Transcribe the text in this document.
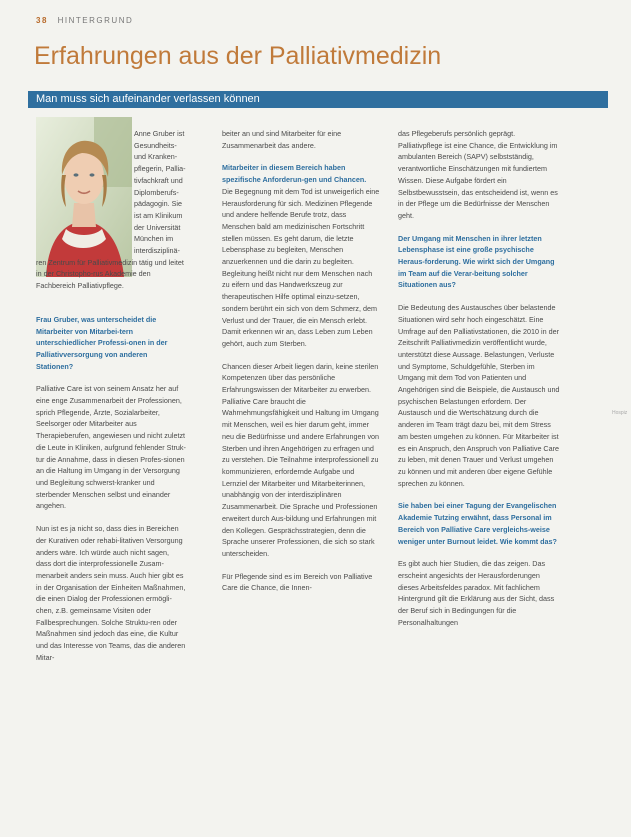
38 HINTERGRUND
Erfahrungen aus der Palliativmedizin
Man muss sich aufeinander verlassen können
Anne Gruber ist
Gesundheits-
und Kranken-
pflegerin, Pallia-
tivfachkraft und
Diplomberufs-
pädagogin. Sie
ist am Klinikum
der Universität
München im
interdisziplinä-

ren Zentrum für Palliativmedizin tätig und leitet in der Christopho-rus Akademie den Fachbereich Palliativpflege.

Frau Gruber, was unterscheidet die Mitarbeiter von Mitarbei-tern unterschiedlicher Professi-onen in der Palliativversorgung von anderen Stationen?

Palliative Care ist von seinem Ansatz her auf eine enge Zusammenarbeit der Professionen, sprich Pflegende, Ärzte, Sozialarbeiter, Seelsorger oder Mitarbeiter aus Therapieberufen, angewiesen und nicht zuletzt die Leute in Kliniken, aufgrund fehlender Struk-tur die Annahme, dass in diesen Profes-sionen an die Haltung im Umgang in der Versorgung und Begleitung schwerst-kranker und sterbender Menschen selbst und einander angehen.

Nun ist es ja nicht so, dass dies in Bereichen der Kurativen oder rehabi-litativen Versorgung anders wäre. Ich würde auch nicht sagen, dass dort die interprofessionelle Zusam-menarbeit anders sein muss. Auch hier gibt es in der Organisation der Einheiten Maßnahmen, die einen Dialog der Professionen ermögli-chen, z.B. gemeinsame Visiten oder Fallbesprechungen. Solche Struktu-ren oder Maßnahmen sind jedoch das eine, die Kultur und das Interesse von Teams, das die anderen Mitar-

beiter an und sind Mitarbeiter für eine Zusammenarbeit das andere.

Mitarbeiter in diesem Bereich haben spezifische Anforderun-gen und Chancen.

Die Begegnung mit dem Tod ist unweigerlich eine Herausforderung für sich. Medizinen Pflegende und andere helfende Berufe trotz, dass Menschen bald am medizinischen Fortschritt stellen müssen. Es geht darum, die letzte Lebensphase zu begleiten, Menschen anzuerkennen und die darin zu begleiten. Begleitung heißt nicht nur dem Menschen nach zu eifern und das Handwerkszeug zur therapeutischen Hilfe optimal einzu-setzen, sondern berührt ein sich von dem Schmerz, dem Verlust und der Trauer, die ein Mensch erlebt. Damit erkennen wir an, dass Leben zum Leben gehört, auch zum Sterben.

Chancen dieser Arbeit liegen darin, keine sterilen Kompetenzen über das persönliche Erfahrungswissen der Mitarbeiter zu erwerben. Palliative Care braucht die Wahrnehmungsfähigkeit und Haltung im Umgang mit Menschen, weil es hier darum geht, immer neu die Bedürfnisse und andere Erfahrungen von Sterben und ihren Angehörigen zu erfragen und zu verstehen. Die Teilnahme interprofessionell zu kommunizieren, erfordernde Aufgabe und Lernziel der Mitarbeiter und Mitarbeiterinnen, unabhängig von der interdisziplinären Zusammenarbeit. Die Sprache und Professionen erweitert durch Aus-bildung und Erfahrungen mit den Kollegen. Gesprächsstrategien, denn die Sprache unserer Professionen, die sich so stark unterscheiden.

Für Pflegende sind es im Bereich von Palliative Care die Chance, die Innen-

das Pflegeberufs persönlich geprägt. Palliativpflege ist eine Chance, die Entwicklung im ambulanten Bereich (SAPV) selbstständig, verantwortliche Einschätzungen mit fundiertem Wissen. Diese Aufgabe fördert ein Selbstbewusstsein, das entscheidend ist, wenn es in der Pflege um die Bedürfnisse der Menschen geht.

Der Umgang mit Menschen in ihrer letzten Lebensphase ist eine große psychische Heraus-forderung. Wie wirkt sich der Umgang im Team auf die Verar-beitung solcher Situationen aus?

Die Bedeutung des Austausches über belastende Situationen wird sehr hoch eingeschätzt. Eine Umfrage auf den Palliativstationen, die 2010 in der Zeitschrift Palliativmedizin veröffentlicht wurde, unterstützt diese Aussage. Belastungen, Verluste und Symptome, Schuldgefühle, Sterben im Umgang mit dem Tod von Patienten und Angehörigen sind die Beispiele, die Austausch und psychischen Belastungen erfordern. Der Austausch und die Wertschätzung durch die anderen im Team trägt dazu bei, mit dem Stress am besten umgehen zu können. Für Mitarbeiter ist es ein Anspruch, den Anspruch von Palliative Care zu leben, mit denen Trauer und Verlust umgehen zu können und mit anderen über eigene Gefühle sprechen zu können.

Sie haben bei einer Tagung der Evangelischen Akademie Tutzing erwähnt, dass Personal im Bereich von Palliative Care vergleichs-weise weniger unter Burnout leidet. Wie kommt das?

Es gibt auch hier Studien, die das zeigen. Das erscheint angesichts der Herausforderungen dieses Arbeitsfeldes paradox. Mit fachlichem Hintergrund gilt die Erklärung aus der Sicht, dass der Beruf sich in Bedingungen für die Personalhaltungen

Hospiz
